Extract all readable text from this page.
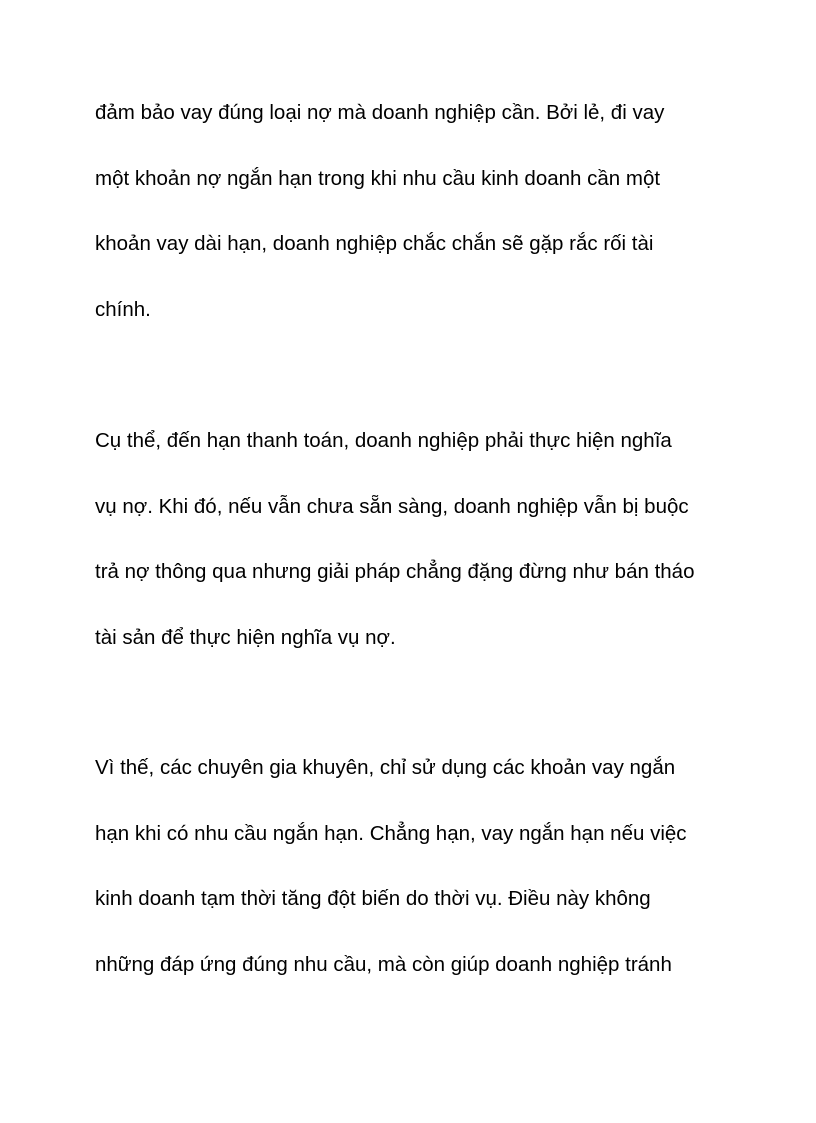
đảm bảo vay đúng loại nợ mà doanh nghiệp cần. Bởi lẻ, đi vay
một khoản nợ ngắn hạn trong khi nhu cầu kinh doanh cần một
khoản vay dài hạn, doanh nghiệp chắc chắn sẽ gặp rắc rối tài
chính.
Cụ thể, đến hạn thanh toán, doanh nghiệp phải thực hiện nghĩa
vụ nợ. Khi đó, nếu vẫn chưa sẵn sàng, doanh nghiệp vẫn bị buộc
trả nợ thông qua nhưng giải pháp chẳng đặng đừng như bán tháo
tài sản để thực hiện nghĩa vụ nợ.
Vì thế, các chuyên gia khuyên, chỉ sử dụng các khoản vay ngắn
hạn khi có nhu cầu ngắn hạn. Chẳng hạn, vay ngắn hạn nếu việc
kinh doanh tạm thời tăng đột biến do thời vụ. Điều này không
những đáp ứng đúng nhu cầu, mà còn giúp doanh nghiệp tránh
